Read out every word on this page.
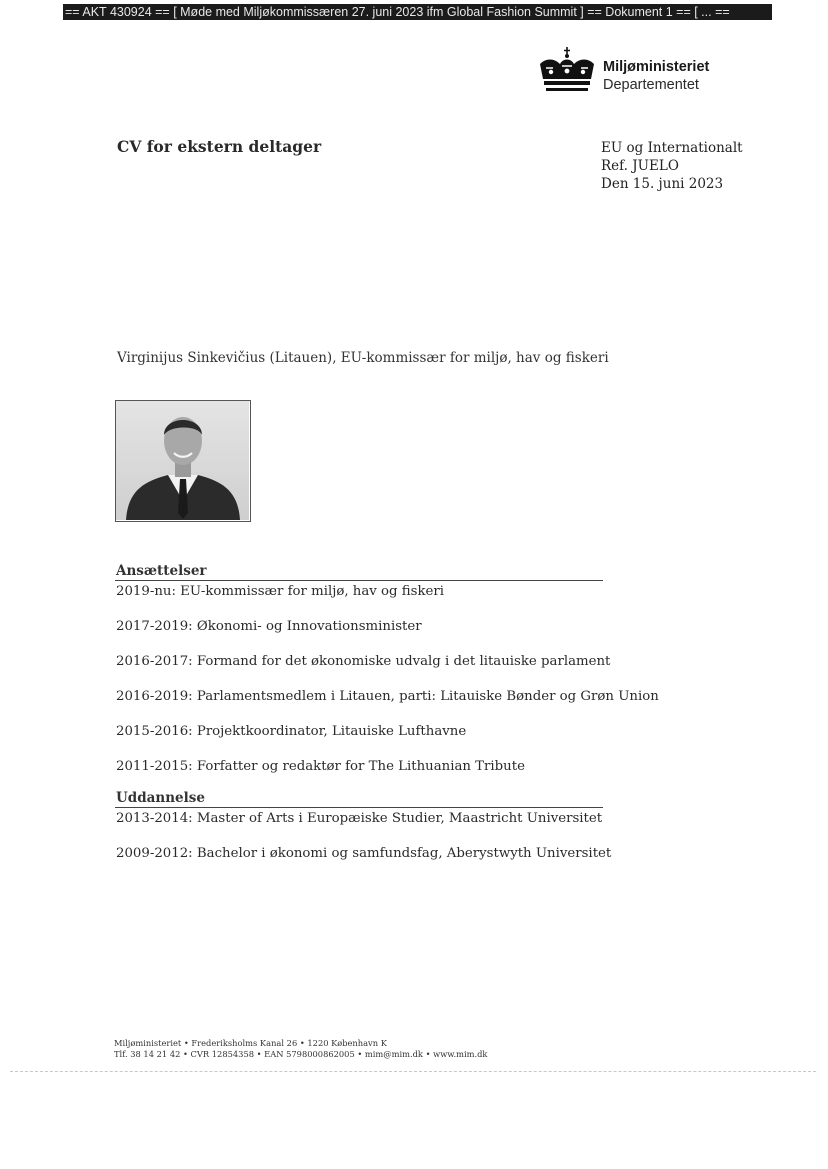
== AKT 430924 == [ Møde med Miljøkommissæren 27. juni 2023 ifm Global Fashion Summit ] == Dokument 1 == [ ... ==
Miljøministeriet
Departementet
CV for ekstern deltager	EU og Internationalt
Ref. JUELO
Den 15. juni 2023
Virginijus Sinkevičius (Litauen), EU-kommissær for miljø, hav og fiskeri
Ansættelser
2019-nu: EU-kommissær for miljø, hav og fiskeri
2017-2019: Økonomi- og Innovationsminister
2016-2017: Formand for det økonomiske udvalg i det litauiske parlament
2016-2019: Parlamentsmedlem i Litauen, parti: Litauiske Bønder og Grøn Union
2015-2016: Projektkoordinator, Litauiske Lufthavne
2011-2015: Forfatter og redaktør for The Lithuanian Tribute
Uddannelse
2013-2014: Master of Arts i Europæiske Studier, Maastricht Universitet
2009-2012: Bachelor i økonomi og samfundsfag, Aberystwyth Universitet
Miljøministeriet • Frederiksholms Kanal 26 • 1220 København K
Tlf. 38 14 21 42 • CVR 12854358 • EAN 5798000862005 • mim@mim.dk • www.mim.dk
